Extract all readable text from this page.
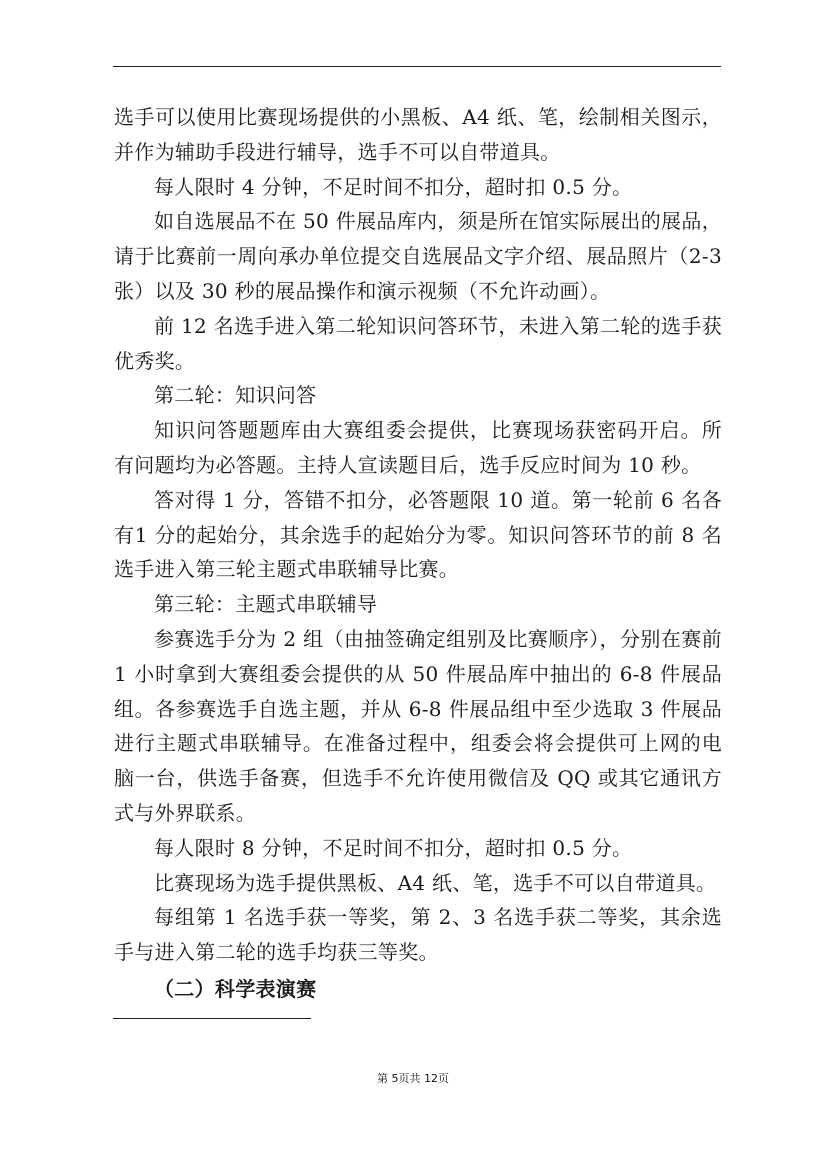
选手可以使用比赛现场提供的小黑板、A4 纸、笔，绘制相关图示，并作为辅助手段进行辅导，选手不可以自带道具。

每人限时 4 分钟，不足时间不扣分，超时扣 0.5 分。

如自选展品不在 50 件展品库内，须是所在馆实际展出的展品，请于比赛前一周向承办单位提交自选展品文字介绍、展品照片（2-3张）以及 30 秒的展品操作和演示视频（不允许动画）。

前 12 名选手进入第二轮知识问答环节，未进入第二轮的选手获优秀奖。

第二轮：知识问答

知识问答题题库由大赛组委会提供，比赛现场获密码开启。所有问题均为必答题。主持人宣读题目后，选手反应时间为 10 秒。

答对得 1 分，答错不扣分，必答题限 10 道。第一轮前 6 名各有1 分的起始分，其余选手的起始分为零。知识问答环节的前 8 名选手进入第三轮主题式串联辅导比赛。

第三轮：主题式串联辅导

参赛选手分为 2 组（由抽签确定组别及比赛顺序），分别在赛前1 小时拿到大赛组委会提供的从 50 件展品库中抽出的 6-8 件展品组。各参赛选手自选主题，并从 6-8 件展品组中至少选取 3 件展品进行主题式串联辅导。在准备过程中，组委会将会提供可上网的电脑一台，供选手备赛，但选手不允许使用微信及 QQ 或其它通讯方式与外界联系。

每人限时 8 分钟，不足时间不扣分，超时扣 0.5 分。

比赛现场为选手提供黑板、A4 纸、笔，选手不可以自带道具。

每组第 1 名选手获一等奖，第 2、3 名选手获二等奖，其余选手与进入第二轮的选手均获三等奖。

（二）科学表演赛

第 5页共 12页
